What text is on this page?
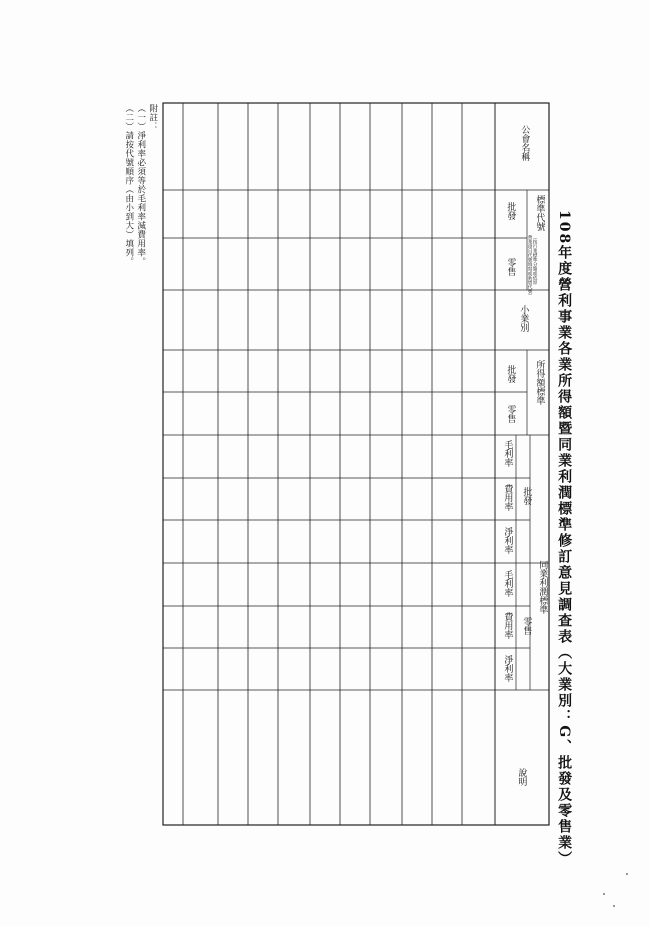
108年度營利事業各業所得額暨同業利潤標準修訂意見調查表（大業別：G、批發及零售業）
公會名稱
標準代號
（按行業標準分類或依原
營業項目代號填寫或新增代號）
批發
零售
小業別
所得額標準
批發
零售
同業利潤標準
批發
零售
毛利率
費用率
淨利率
毛利率
費用率
淨利率
說明
附註：
（一）淨利率必須等於毛利率減費用率。
（二）請按代號順序（由小到大）填列。
